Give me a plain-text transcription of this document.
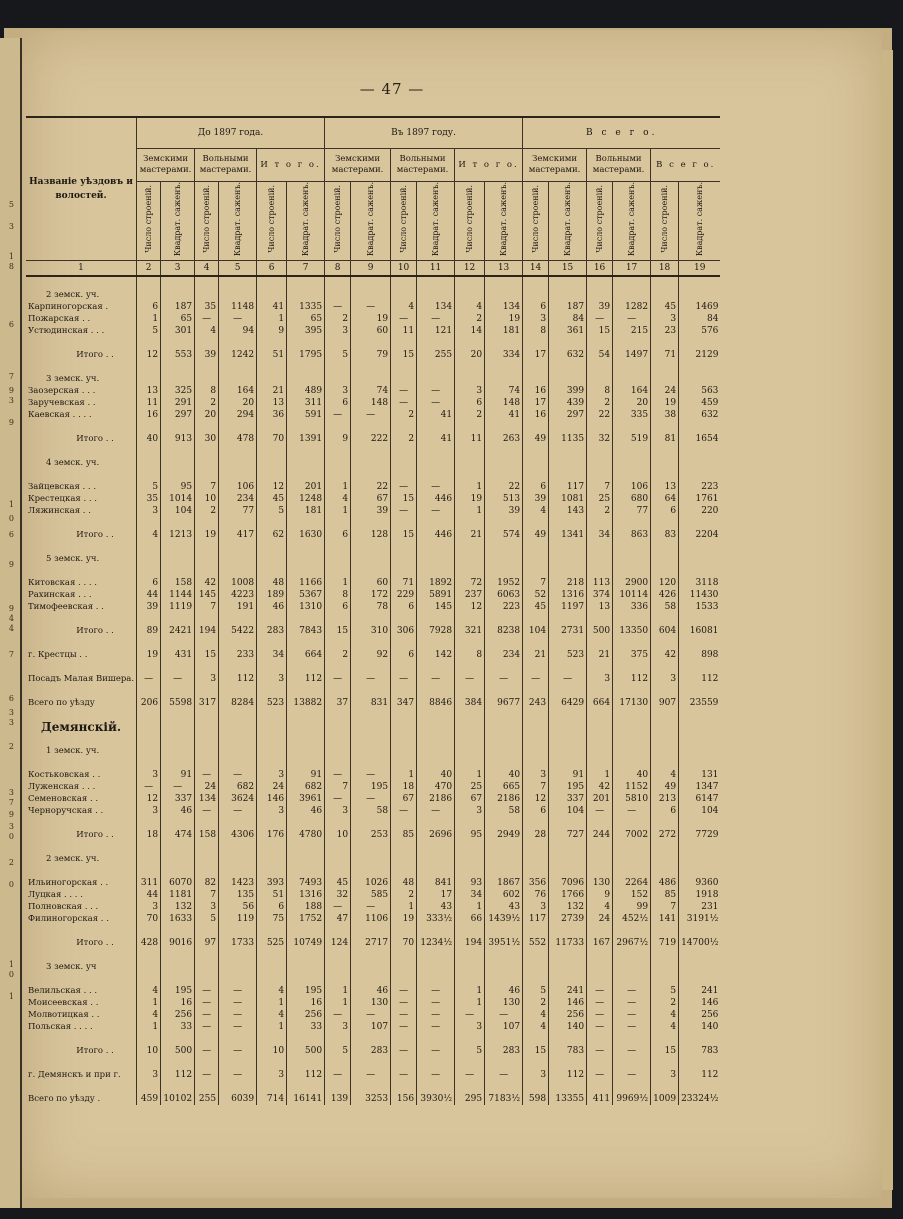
5
3
1
8
6
7
9
3
9
1
0
6
9
9
4
4
7
6
3
3
2
3
7
9
3
0
2
0
1
0
1
— 47 —
Названіе уѣздовъ и волостей.	До 1897 года.						Въ 1897 году.						В с е г о.					
	Земскими мастерами.		Вольными мастерами.		И т о г о.		Земскими мастерами.		Вольными мастерами.		И т о г о.		Земскими мастерами.		Вольными мастерами.		В с е г о.	
	Число строеній.	Квадрат. саженъ.	Число строеній.	Квадрат. саженъ.	Число строеній.	Квадрат. саженъ.	Число строеній.	Квадрат. саженъ.	Число строеній.	Квадрат. саженъ.	Число строеній.	Квадрат. саженъ.	Число строеній.	Квадрат. саженъ.	Число строеній.	Квадрат. саженъ.	Число строеній.	Квадрат. саженъ.
1	2	3	4	5	6	7	8	9	10	11	12	13	14	15	16	17	18	19

2 земск. уч.																		
Карпиногорская .	6	187	35	1148	41	1335	—	—	4	134	4	134	6	187	39	1282	45	1469
Пожарская . .	1	65	—	—	1	65	2	19	—	—	2	19	3	84	—	—	3	84
Устюдинская . . .	5	301	4	94	9	395	3	60	11	121	14	181	8	361	15	215	23	576

Итого . .	12	553	39	1242	51	1795	5	79	15	255	20	334	17	632	54	1497	71	2129

3 земск. уч.																		
Заозерская . . .	13	325	8	164	21	489	3	74	—	—	3	74	16	399	8	164	24	563
Заручевская . .	11	291	2	20	13	311	6	148	—	—	6	148	17	439	2	20	19	459
Каевская . . . .	16	297	20	294	36	591	—	—	2	41	2	41	16	297	22	335	38	632

Итого . .	40	913	30	478	70	1391	9	222	2	41	11	263	49	1135	32	519	81	1654

4 земск. уч.																		

Зайцевская . . .	5	95	7	106	12	201	1	22	—	—	1	22	6	117	7	106	13	223
Крестецкая . . .	35	1014	10	234	45	1248	4	67	15	446	19	513	39	1081	25	680	64	1761
Ляжинская . .	3	104	2	77	5	181	1	39	—	—	1	39	4	143	2	77	6	220

Итого . .	4	1213	19	417	62	1630	6	128	15	446	21	574	49	1341	34	863	83	2204

5 земск. уч.																		

Китовская . . . .	6	158	42	1008	48	1166	1	60	71	1892	72	1952	7	218	113	2900	120	3118
Рахинская . . .	44	1144	145	4223	189	5367	8	172	229	5891	237	6063	52	1316	374	10114	426	11430
Тимофеевская . .	39	1119	7	191	46	1310	6	78	6	145	12	223	45	1197	13	336	58	1533

Итого . .	89	2421	194	5422	283	7843	15	310	306	7928	321	8238	104	2731	500	13350	604	16081

г. Крестцы . .	19	431	15	233	34	664	2	92	6	142	8	234	21	523	21	375	42	898

Посадъ Малая Вишера.	—	—	3	112	3	112	—	—	—	—	—	—	—	—	3	112	3	112

Всего по уѣзду	206	5598	317	8284	523	13882	37	831	347	8846	384	9677	243	6429	664	17130	907	23559

Демянскій.																		

1 земск. уч.																		

Костьковская . .	3	91	—	—	3	91	—	—	1	40	1	40	3	91	1	40	4	131
Луженская . . .	—	—	24	682	24	682	7	195	18	470	25	665	7	195	42	1152	49	1347
Семеновская . .	12	337	134	3624	146	3961	—	—	67	2186	67	2186	12	337	201	5810	213	6147
Черноручская . .	3	46	—	—	3	46	3	58	—	—	3	58	6	104	—	—	6	104

Итого . .	18	474	158	4306	176	4780	10	253	85	2696	95	2949	28	727	244	7002	272	7729

2 земск. уч.																		

Ильиногорская . .	311	6070	82	1423	393	7493	45	1026	48	841	93	1867	356	7096	130	2264	486	9360
Луцкая . . . .	44	1181	7	135	51	1316	32	585	2	17	34	602	76	1766	9	152	85	1918
Полновская . . .	3	132	3	56	6	188	—	—	1	43	1	43	3	132	4	99	7	231
Филиногорская . .	70	1633	5	119	75	1752	47	1106	19	333½	66	1439½	117	2739	24	452½	141	3191½

Итого . .	428	9016	97	1733	525	10749	124	2717	70	1234½	194	3951½	552	11733	167	2967½	719	14700½

3 земск. уч																		

Велильская . . .	4	195	—	—	4	195	1	46	—	—	1	46	5	241	—	—	5	241
Моисеевская . .	1	16	—	—	1	16	1	130	—	—	1	130	2	146	—	—	2	146
Молвотицкая . .	4	256	—	—	4	256	—	—	—	—	—	—	4	256	—	—	4	256
Польская . . . .	1	33	—	—	1	33	3	107	—	—	3	107	4	140	—	—	4	140

Итого . .	10	500	—	—	10	500	5	283	—	—	5	283	15	783	—	—	15	783

г. Демянскъ и при г.	3	112	—	—	3	112	—	—	—	—	—	—	3	112	—	—	3	112

Всего по уѣзду .	459	10102	255	6039	714	16141	139	3253	156	3930½	295	7183½	598	13355	411	9969½	1009	23324½
